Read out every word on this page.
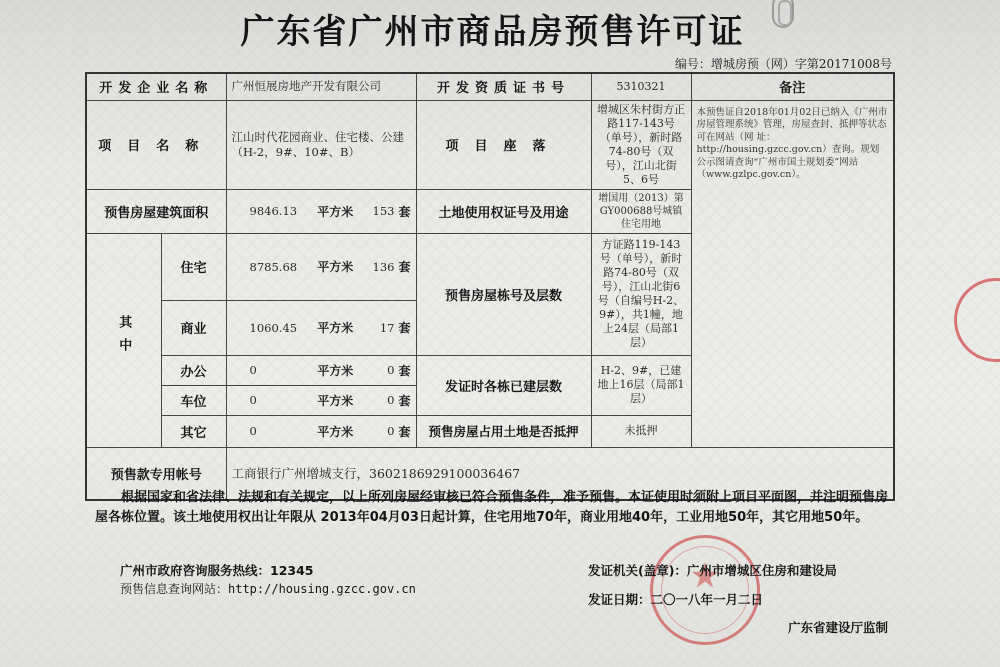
广东省广州市商品房预售许可证
编号：增城房预（网）字第20171008号
开发企业名称		广州恒展房地产开发有限公司	开发资质证书号	5310321	备注
项目名称		江山时代花园商业、住宅楼、公建（H-2，9#、10#、B）	项目座落	增城区朱村街方正路117-143号（单号），新时路74-80号（双号），江山北街5、6号	本预售证自2018年01月02日已纳入《广州市房屋管理系统》管理，房屋查封、抵押等状态可在网站（网 址：http://housing.gzcc.gov.cn）查询。规划公示图请查询“广州市国土规划委”网站（www.gzlpc.gov.cn）。
预售房屋建筑面积		9846.13 平方米 153 套	土地使用权证号及用途	增国用（2013）第GY000688号城镇住宅用地	
其中	住宅	8785.68 平方米 136 套	预售房屋栋号及层数	方证路119-143号（单号），新时路74-80号（双号），江山北街6号（自编号H-2、9#），共1幢，地上24层（局部1层）	
	商业	1060.45 平方米 17 套			

	办公	0 平方米 0 套	发证时各栋已建层数	H-2、9#，已建地上16层（局部1层）	
	车位	0 平方米 0 套			

	其它	0 平方米 0 套	预售房屋占用土地是否抵押	未抵押	
预售款专用帐号		工商银行广州增城支行，3602186929100036467			
根据国家和省法律、法规和有关规定，以上所列房屋经审核已符合预售条件，准予预售。本证使用时须附上项目平面图，并注明预售房屋各栋位置。该土地使用权出让年限从 2013年04月03日起计算，住宅用地70年，商业用地40年，工业用地50年，其它用地50年。
广州市政府咨询服务热线：12345
预售信息查询网站：http://housing.gzcc.gov.cn
发证机关(盖章)：广州市增城区住房和建设局
发证日期：二〇一八年一月二日
广东省建设厅监制
